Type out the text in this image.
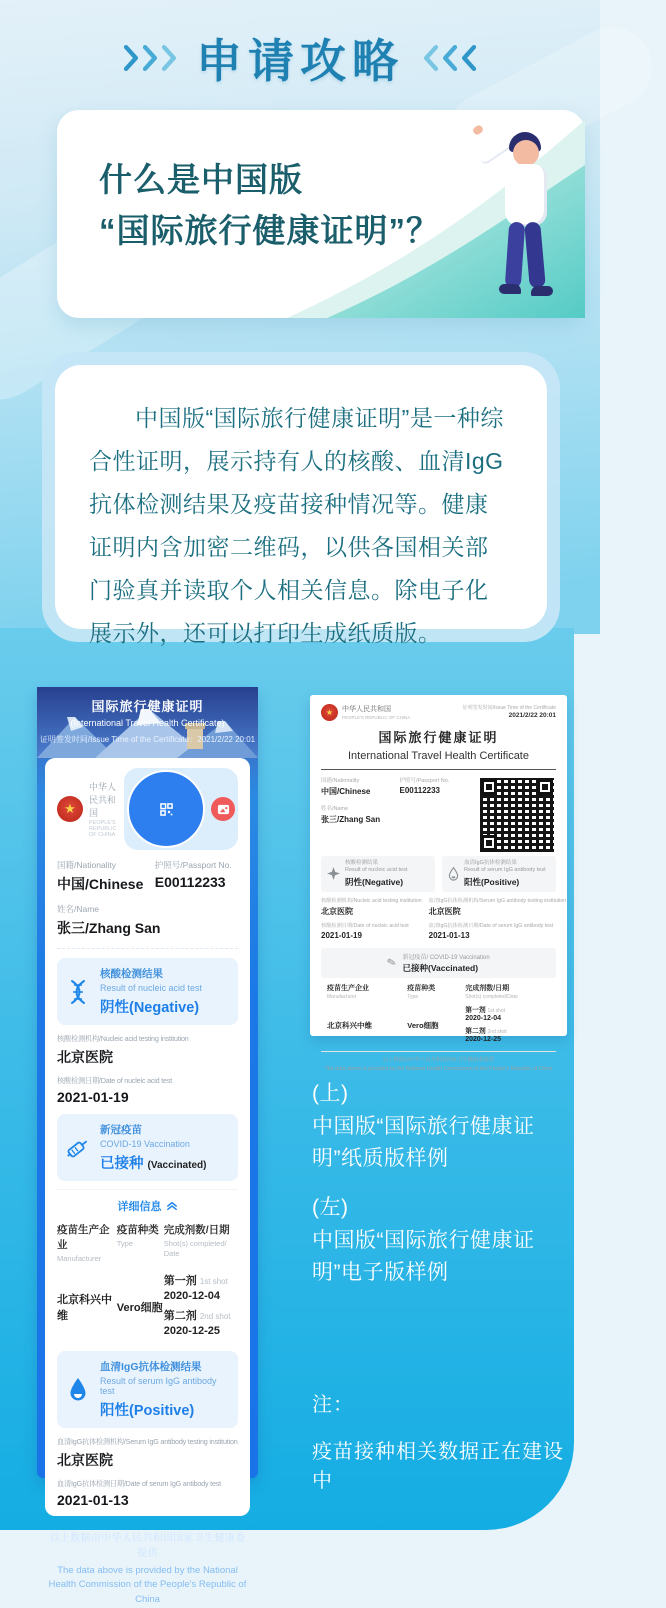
申请攻略
什么是中国版
“国际旅行健康证明”？

中国版“国际旅行健康证明”是一种综合性证明，展示持有人的核酸、血清IgG抗体检测结果及疫苗接种情况等。健康证明内含加密二维码，以供各国相关部门验真并读取个人相关信息。除电子化展示外，还可以打印生成纸质版。

国际旅行健康证明
(International Travel Health Certificate)
证明签发时间/Issue Time of the Certificate：2021/2/22 20:01
★
中华人民共和国
PEOPLE'S REPUBLIC OF CHINA
国籍/Nationality
中国/Chinese
护照号/Passport No.
E00112233
姓名/Name
张三/Zhang San
核酸检测结果
Result of nucleic acid test
阴性(Negative)
核酸检测机构/Nucleic acid testing institution
北京医院
核酸检测日期/Date of nucleic acid test
2021-01-19
新冠疫苗
COVID-19 Vaccination
已接种 (Vaccinated)
详细信息
疫苗生产企业
Manufacturer
疫苗种类
Type
完成剂数/日期
Shot(s) completed/ Date
北京科兴中维
Vero细胞
第一剂 1st shot
2020-12-04
第二剂 2nd shot
2020-12-25
血清IgG抗体检测结果
Result of serum IgG antibody test
阳性(Positive)
血清IgG抗体检测机构/Serum IgG antibody testing institution
北京医院
血清IgG抗体检测日期/Date of serum IgG antibody test
2021-01-13
以上数据由中华人民共和国国家卫生健康委提供
The data above is provided by the National Health Commission of the People's Republic of China
★ 中华人民共和国
PEOPLE'S REPUBLIC OF CHINA
证明签发时间/Issue Time of the Certificate
2021/2/22 20:01
国际旅行健康证明
International Travel Health Certificate
国籍/Nationality
中国/Chinese
护照号/Passport No.
E00112233
姓名/Name
张三/Zhang San
核酸检测结果
Result of nucleic acid test
阴性(Negative)
血清IgG抗体检测结果
Result of serum IgG antibody test
阳性(Positive)
核酸检测机构/Nucleic acid testing institution
北京医院
核酸检测日期/Date of nucleic acid test
2021-01-19
血清IgG抗体检测机构/Serum IgG antibody testing institution
北京医院
血清IgG抗体检测日期/Date of serum IgG antibody test
2021-01-13
✎ 新冠疫苗/ COVID-19 Vaccination
已接种(Vaccinated)
疫苗生产企业
Manufacturer
疫苗种类
Type
完成剂数/日期
Shot(s) completed/Date
北京科兴中维	Vero细胞
第一剂 1st shot
2020-12-04
第二剂 2nd shot
2020-12-25
以上数据由中华人民共和国国家卫生健康委提供
The data above is provided by the National Health Commission of the People's Republic of China
(上)
中国版“国际旅行健康证明”纸质版样例
(左)
中国版“国际旅行健康证明”电子版样例
注：
疫苗接种相关数据正在建设中
